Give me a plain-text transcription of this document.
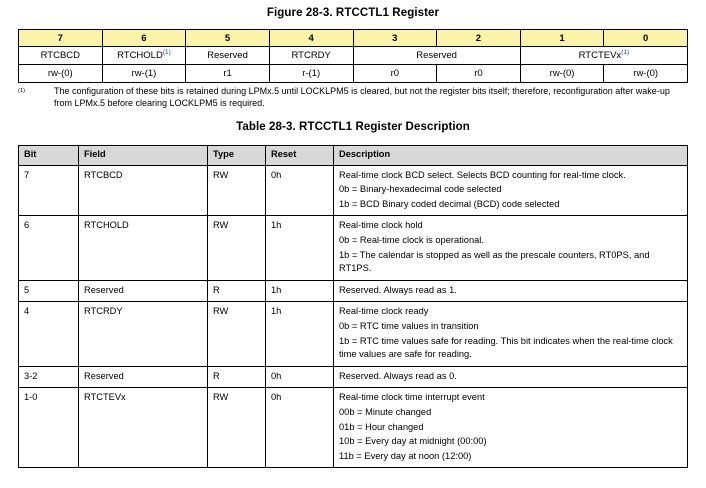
Figure 28-3. RTCCTL1 Register
7	6	5	4	3	2	1	0
RTCBCD	RTCHOLD$^{(1)}$	Reserved	RTCRDY	Reserved		RTCTEVx$^{(1)}$
rw-(0)	rw-(1)	r1	r-(1)	r0	r0	rw-(0)	rw-(0)
$^{(1)}$	The configuration of these bits is retained during LPMx.5 until LOCKLPM5 is cleared, but not the register bits itself; therefore, reconfiguration after wake-up from LPMx.5 before clearing LOCKLPM5 is required.
Table 28-3. RTCCTL1 Register Description
Bit	Field	Type	Reset	Description
7	RTCBCD	RW	0h	Real-time clock BCD select. Selects BCD counting for real-time clock.
0b = Binary-hexadecimal code selected
1b = BCD Binary coded decimal (BCD) code selected

6	RTCHOLD	RW	1h	Real-time clock hold
0b = Real-time clock is operational.
1b = The calendar is stopped as well as the prescale counters, RT0PS, and RT1PS.

5	Reserved	R	1h	Reserved. Always read as 1.

4	RTCRDY	RW	1h	Real-time clock ready
0b = RTC time values in transition
1b = RTC time values safe for reading. This bit indicates when the real-time clock time values are safe for reading.

3-2	Reserved	R	0h	Reserved. Always read as 0.

1-0	RTCTEVx	RW	0h	Real-time clock time interrupt event
00b = Minute changed
01b = Hour changed
10b = Every day at midnight (00:00)
11b = Every day at noon (12:00)
